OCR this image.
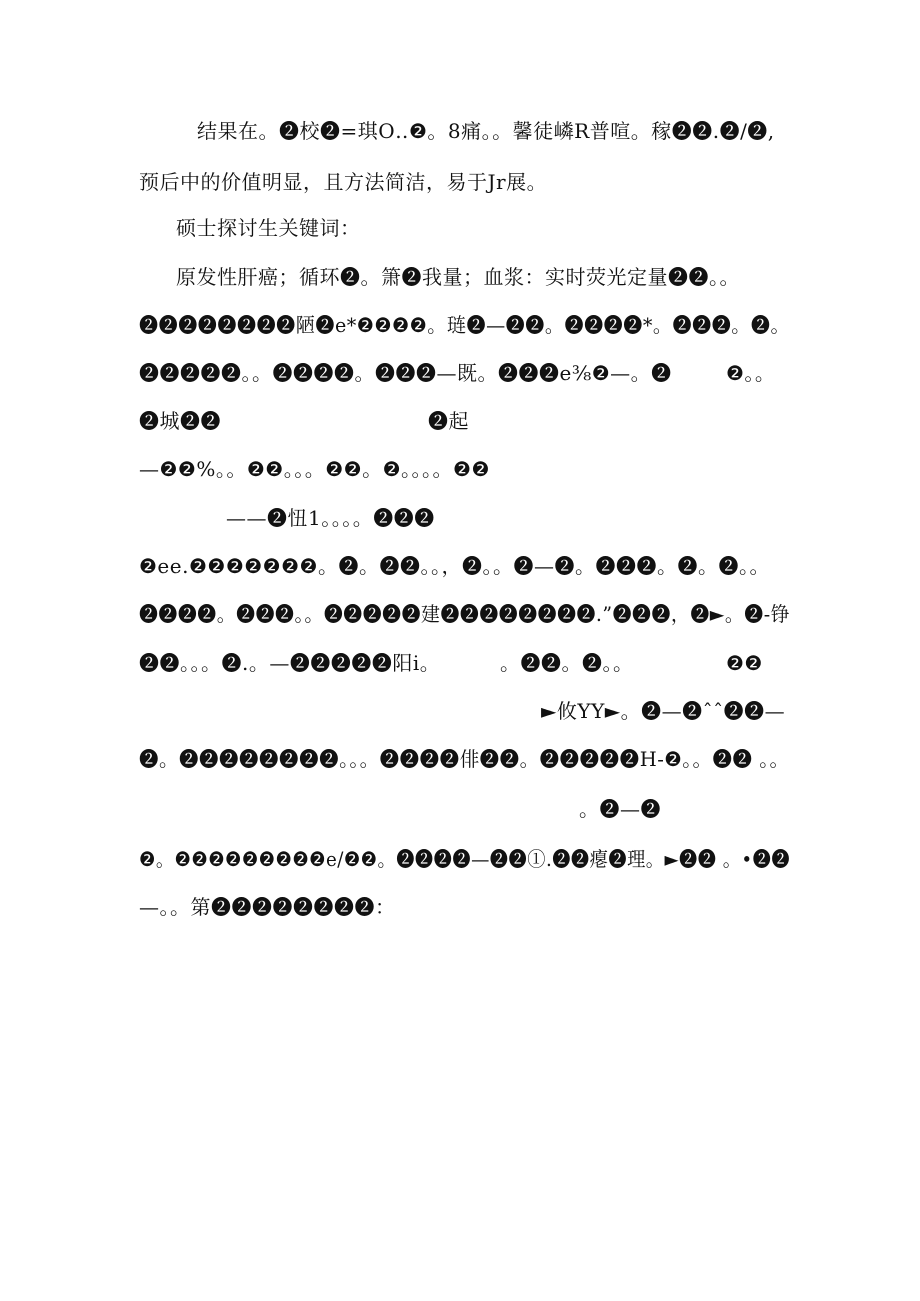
结果在。❷校❷=琪O‥❷。8痛。。馨徒嶙R普喧。稼❷❷.❷/❷,
预后中的价值明显，且方法简洁，易于Jr展。
硕士探讨生关键词：
原发性肝癌；循环❷。箫❷我量；血浆：实时荧光定量❷❷。。
❷❷❷❷❷❷❷❷陋❷e*❷❷❷❷。琏❷—❷❷。❷❷❷❷*。❷❷❷。❷。
❷❷❷❷❷。。❷❷❷❷。❷❷❷—既。❷❷❷e⅜❷—。❷	❷。。
❷城❷❷	❷起
—❷❷%。。❷❷。。。❷❷。❷。。。。❷❷
——❷忸1。。。。❷❷❷
❷ee.❷❷❷❷❷❷❷。❷。❷❷。。，❷。。❷—❷。❷❷❷。❷。❷。。
❷❷❷❷。❷❷❷。。❷❷❷❷❷建❷❷❷❷❷❷❷❷.”❷❷❷，❷►。❷-铮
❷❷。。。❷.。—❷❷❷❷❷阳i。	。❷❷。❷。。	❷❷
►攸YY►。❷—❷ˆˆ❷❷—
❷。❷❷❷❷❷❷❷❷。。。❷❷❷❷俳❷❷。❷❷❷❷❷H-❷。。❷❷ 。。
。❷—❷
❷。❷❷❷❷❷❷❷❷❷e/❷❷。❷❷❷❷—❷❷①.❷❷瘪❷理。►❷❷ 。•❷❷
—。。第❷❷❷❷❷❷❷❷：
